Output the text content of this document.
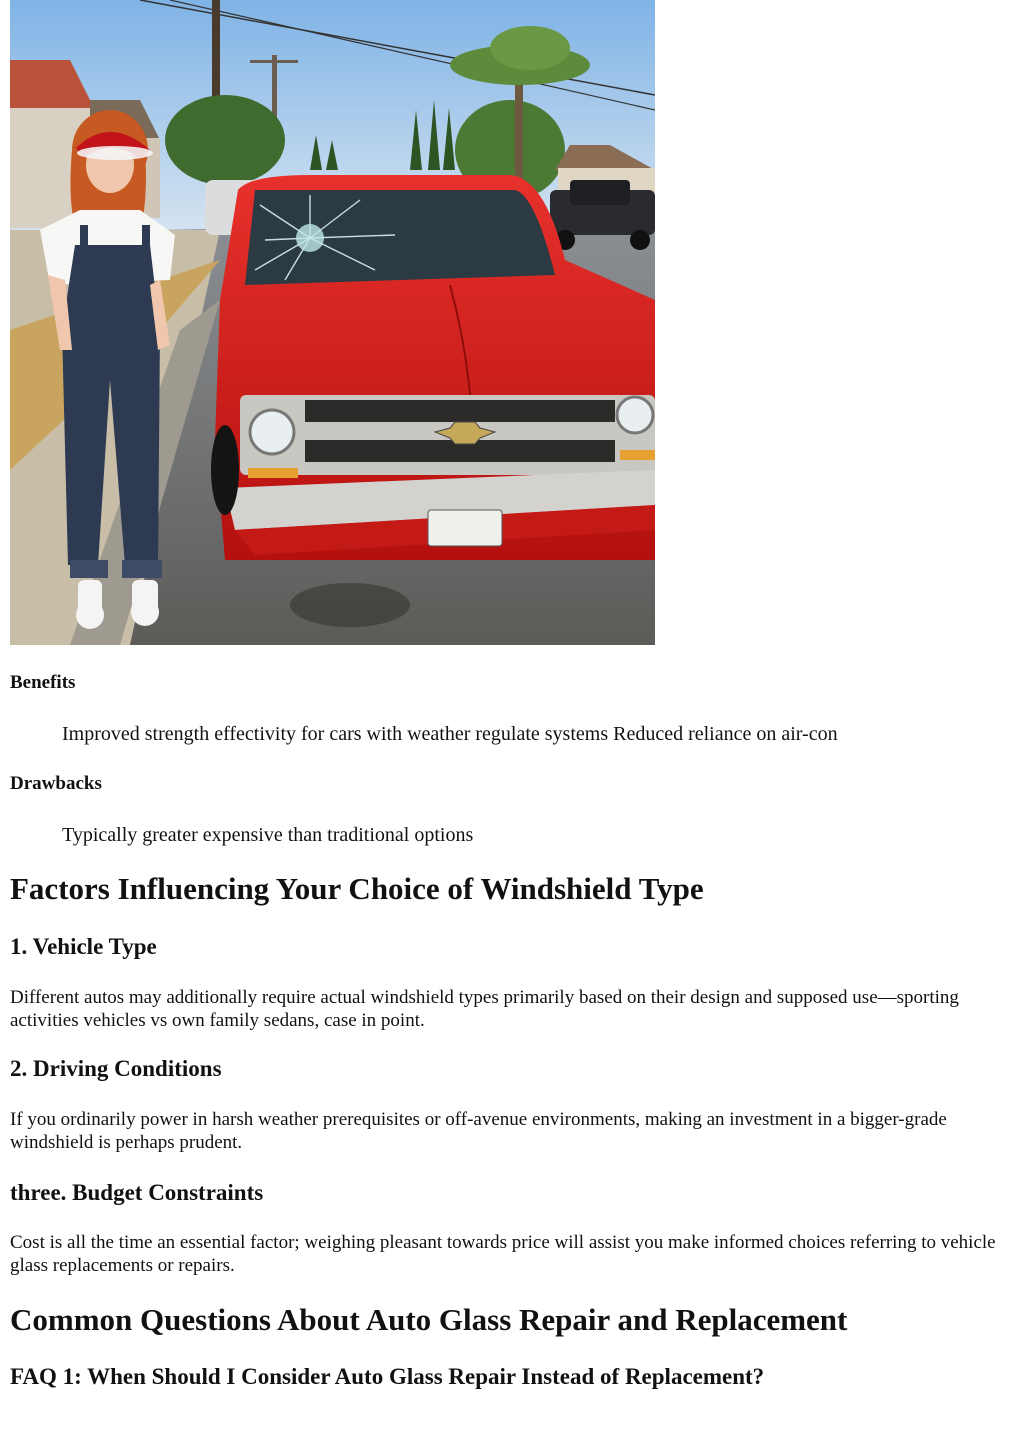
Benefits

Improved strength effectivity for cars with weather regulate systems Reduced reliance on air-con

Drawbacks

Typically greater expensive than traditional options

Factors Influencing Your Choice of Windshield Type
1. Vehicle Type

Different autos may additionally require actual windshield types primarily based on their design and supposed use—sporting activities vehicles vs own family sedans, case in point.

2. Driving Conditions

If you ordinarily power in harsh weather prerequisites or off-avenue environments, making an investment in a bigger-grade windshield is perhaps prudent.

three. Budget Constraints

Cost is all the time an essential factor; weighing pleasant towards price will assist you make informed choices referring to vehicle glass replacements or repairs.

Common Questions About Auto Glass Repair and Replacement
FAQ 1: When Should I Consider Auto Glass Repair Instead of Replacement?
